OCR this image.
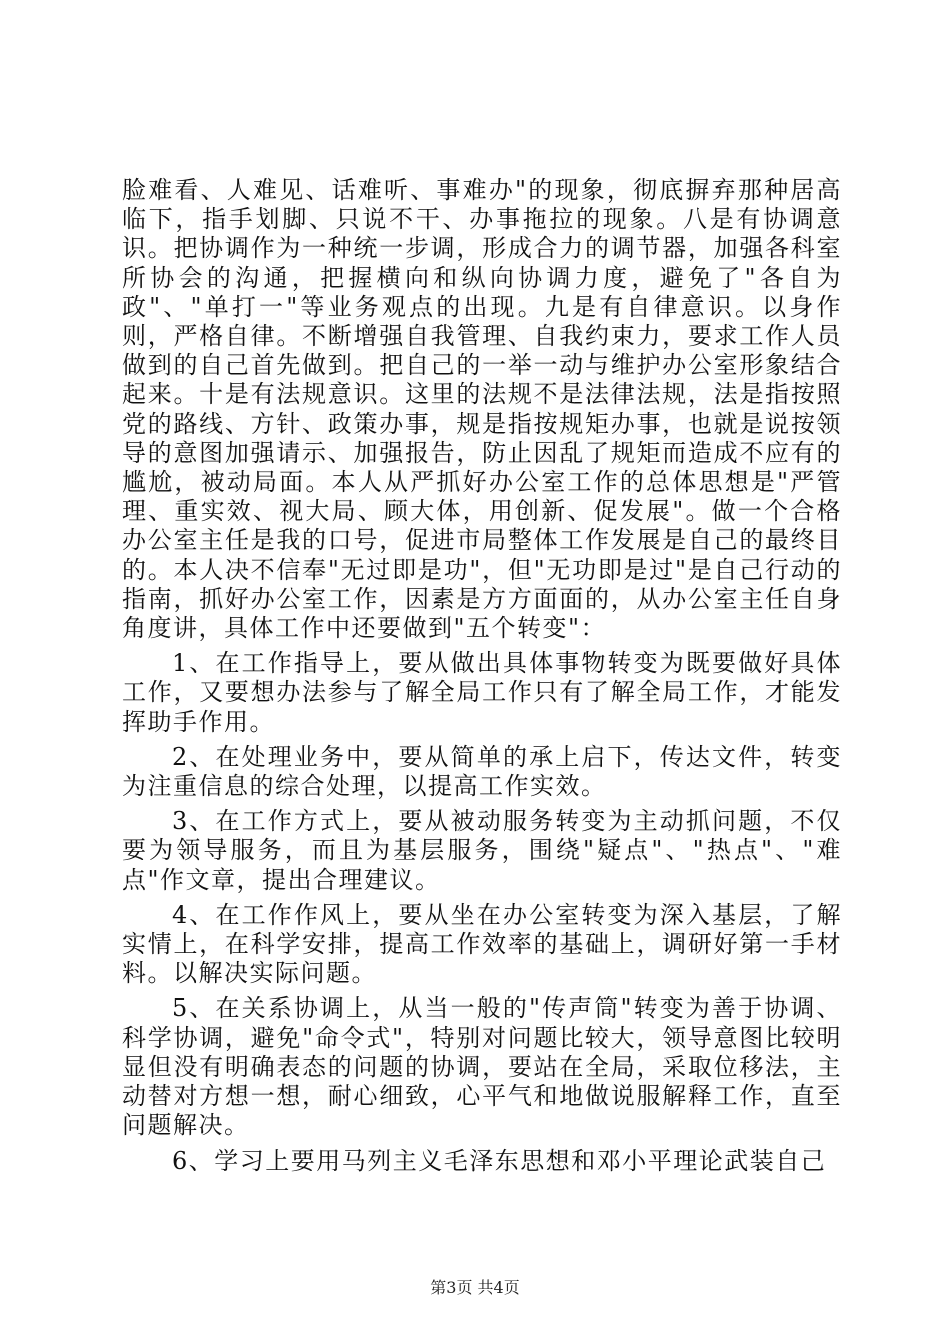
脸难看、人难见、话难听、事难办"的现象，彻底摒弃那种居高临下，指手划脚、只说不干、办事拖拉的现象。八是有协调意识。把协调作为一种统一步调，形成合力的调节器，加强各科室所协会的沟通，把握横向和纵向协调力度，避免了"各自为政"、"单打一"等业务观点的出现。九是有自律意识。以身作则，严格自律。不断增强自我管理、自我约束力，要求工作人员做到的自己首先做到。把自己的一举一动与维护办公室形象结合起来。十是有法规意识。这里的法规不是法律法规，法是指按照党的路线、方针、政策办事，规是指按规矩办事，也就是说按领导的意图加强请示、加强报告，防止因乱了规矩而造成不应有的尴尬，被动局面。本人从严抓好办公室工作的总体思想是"严管理、重实效、视大局、顾大体，用创新、促发展"。做一个合格办公室主任是我的口号，促进市局整体工作发展是自己的最终目的。本人决不信奉"无过即是功"，但"无功即是过"是自己行动的指南，抓好办公室工作，因素是方方面面的，从办公室主任自身角度讲，具体工作中还要做到"五个转变"：

1、在工作指导上，要从做出具体事物转变为既要做好具体工作，又要想办法参与了解全局工作只有了解全局工作，才能发挥助手作用。

2、在处理业务中，要从简单的承上启下，传达文件，转变为注重信息的综合处理，以提高工作实效。

3、在工作方式上，要从被动服务转变为主动抓问题，不仅要为领导服务，而且为基层服务，围绕"疑点"、"热点"、"难点"作文章，提出合理建议。

4、在工作作风上，要从坐在办公室转变为深入基层，了解实情上，在科学安排，提高工作效率的基础上，调研好第一手材料。以解决实际问题。

5、在关系协调上，从当一般的"传声筒"转变为善于协调、科学协调，避免"命令式"，特别对问题比较大，领导意图比较明显但没有明确表态的问题的协调，要站在全局，采取位移法，主动替对方想一想，耐心细致，心平气和地做说服解释工作，直至问题解决。

6、学习上要用马列主义毛泽东思想和邓小平理论武装自己

第3页 共4页
